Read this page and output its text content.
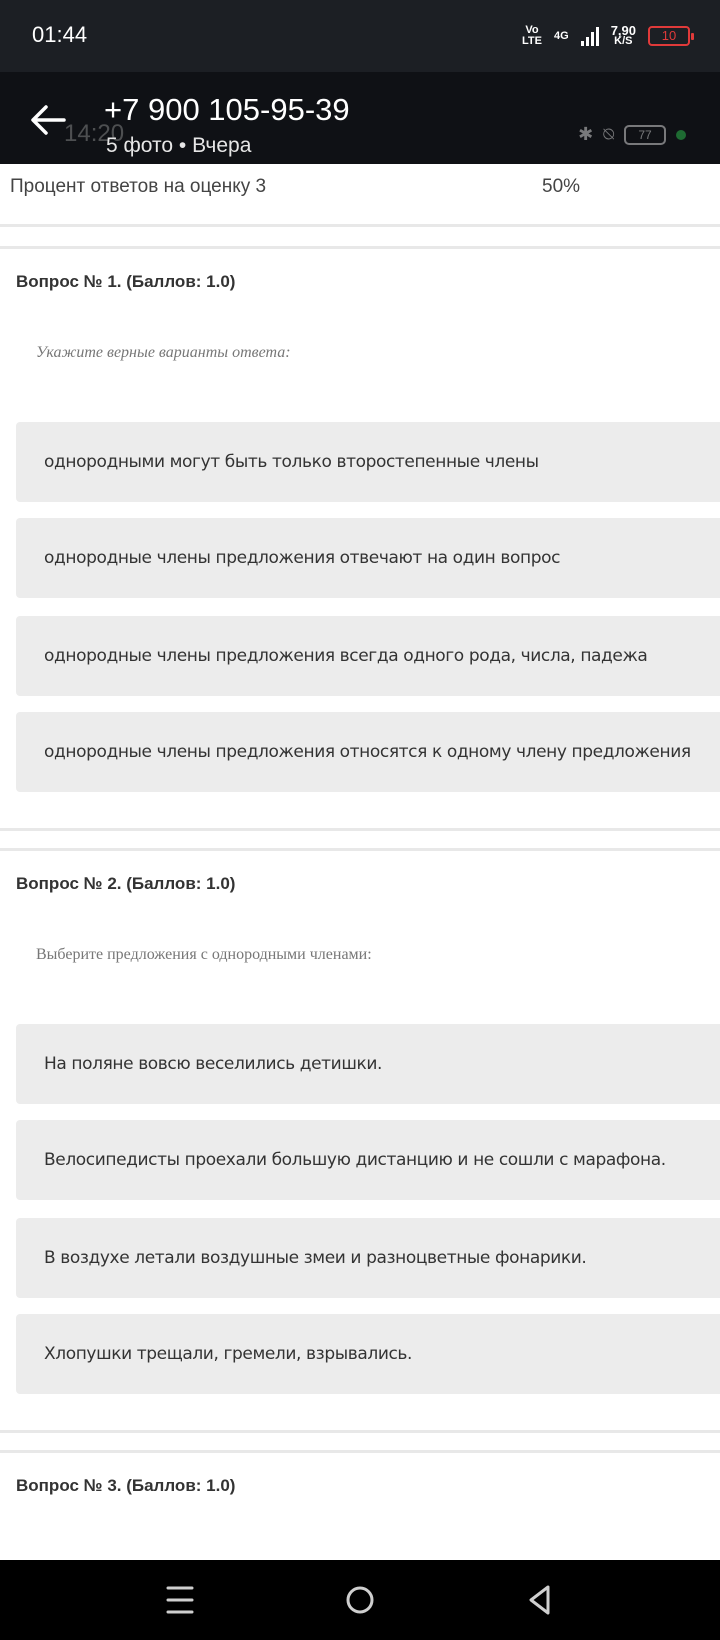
01:44	Vo
LTE 4G	7,90
K/S	10
14:20	✱ ⍉	77
+7 900 105-95-39
5 фото • Вчера
Процент ответов на оценку 3	50%
Вопрос № 1. (Баллов: 1.0)
Укажите верные варианты ответа:
однородными могут быть только второстепенные члены
однородные члены предложения отвечают на один вопрос
однородные члены предложения всегда одного рода, числа, падежа
однородные члены предложения относятся к одному члену предложения
Вопрос № 2. (Баллов: 1.0)
Выберите предложения с однородными членами:
На поляне вовсю веселились детишки.
Велосипедисты проехали большую дистанцию и не сошли с марафона.
В воздухе летали воздушные змеи и разноцветные фонарики.
Хлопушки трещали, гремели, взрывались.
Вопрос № 3. (Баллов: 1.0)
